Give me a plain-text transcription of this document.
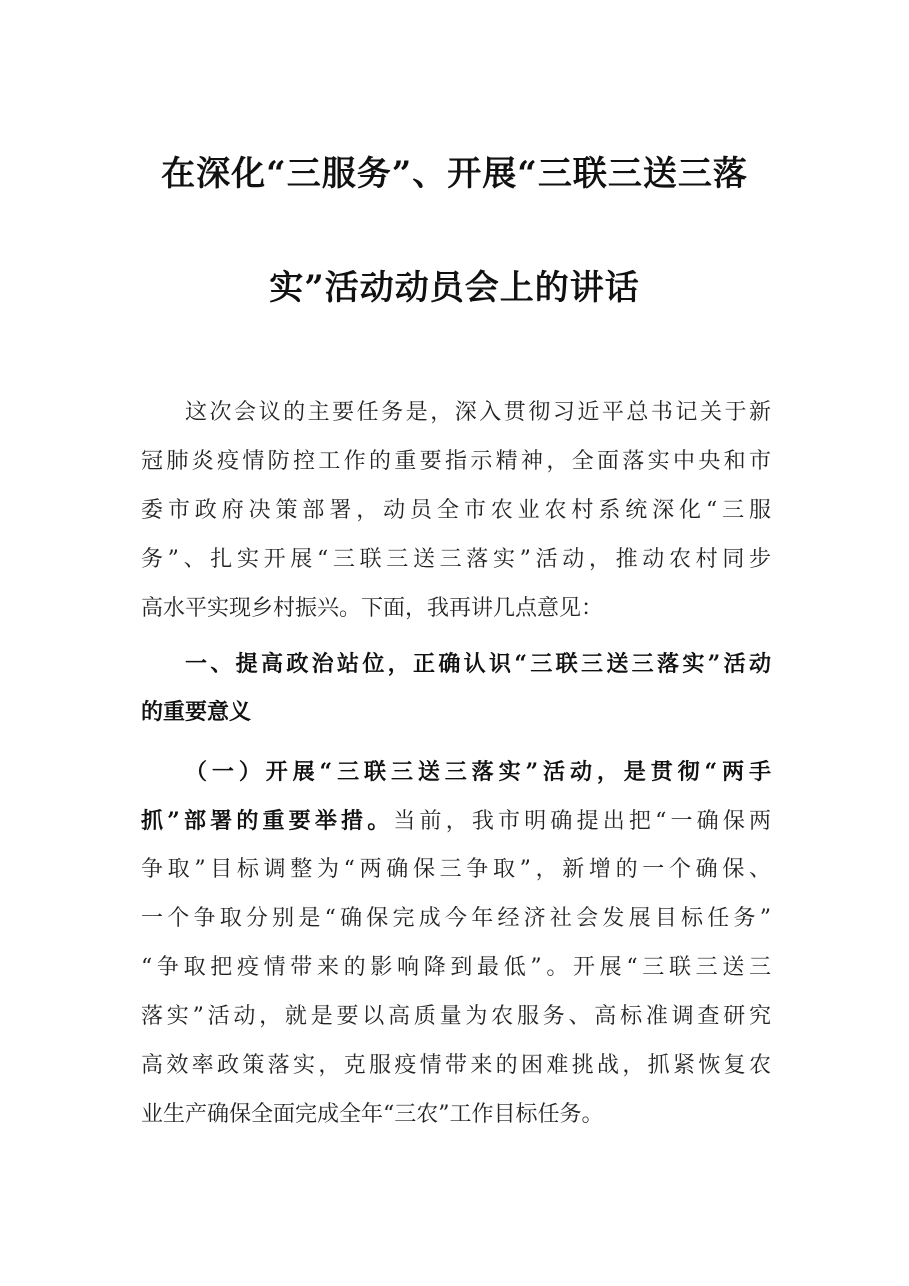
在深化“三服务”、开展“三联三送三落
实”活动动员会上的讲话
这次会议的主要任务是，深入贯彻习近平总书记关于新
冠肺炎疫情防控工作的重要指示精神，全面落实中央和市
委市政府决策部署，动员全市农业农村系统深化“三服
务”、扎实开展“三联三送三落实”活动，推动农村同步
高水平实现乡村振兴。下面，我再讲几点意见：
一、提高政治站位，正确认识“三联三送三落实”活动
的重要意义
（一）开展“三联三送三落实”活动，是贯彻“两手
抓”部署的重要举措。当前，我市明确提出把“一确保两
争取”目标调整为“两确保三争取”，新增的一个确保、
一个争取分别是“确保完成今年经济社会发展目标任务”
“争取把疫情带来的影响降到最低”。开展“三联三送三
落实”活动，就是要以高质量为农服务、高标准调查研究
高效率政策落实，克服疫情带来的困难挑战，抓紧恢复农
业生产确保全面完成全年“三农”工作目标任务。
